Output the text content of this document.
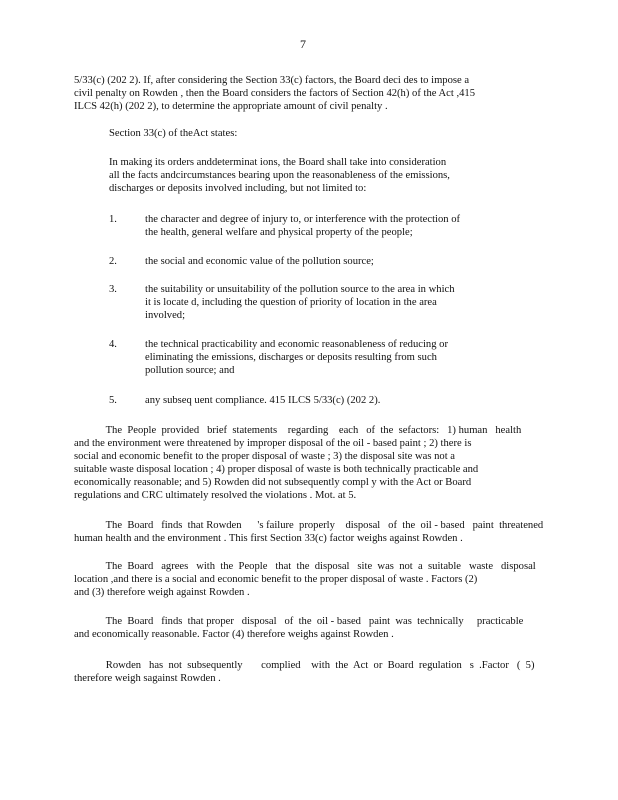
7
5/33(c) (202 2). If, after considering the Section 33(c) factors, the Board deci des to impose a
civil penalty on Rowden , then the Board considers the factors of Section 42(h) of the Act ,415
ILCS 42(h) (202 2), to determine the appropriate amount of civil penalty .
Section 33(c) of theAct states:
In making its orders anddeterminat ions, the Board shall take into consideration
all the facts andcircumstances bearing upon the reasonableness of the emissions,
discharges or deposits involved including, but not limited to:
1.	the character and degree of injury to, or interference with the protection of
the health, general welfare and physical property of the people;
2.	the social and economic value of the pollution source;
3.	the suitability or unsuitability of the pollution source to the area in which
it is locate d, including the question of priority of location in the area
involved;
4.	the technical practicability and economic reasonableness of reducing or
eliminating the emissions, discharges or deposits resulting from such
pollution source; and
5.	any subseq uent compliance. 415 ILCS 5/33(c) (202 2).
The  People  provided   brief  statements    regarding    each   of  the  sefactors:   1) human   health
and the environment were threatened by improper disposal of the oil - based paint ; 2) there is
social and economic benefit to the proper disposal of waste ; 3) the disposal site was not a
suitable waste disposal location ; 4) proper disposal of waste is both technically practicable and
economically reasonable; and 5) Rowden did not subsequently compl y with the Act or Board
regulations and CRC ultimately resolved the violations . Mot. at 5.
The  Board   finds  that Rowden      's failure  properly    disposal   of  the  oil - based   paint  threatened
human health and the environment . This first Section 33(c) factor weighs against Rowden .
The  Board   agrees   with  the  People   that  the  disposal   site  was  not  a  suitable   waste   disposal
location ,and there is a social and economic benefit to the proper disposal of waste . Factors (2)
and (3) therefore weigh against Rowden .
The  Board   finds  that proper   disposal   of  the  oil - based   paint  was  technically     practicable
and economically reasonable. Factor (4) therefore weighs against Rowden .
Rowden   has  not  subsequently       complied    with  the  Act  or  Board  regulation   s  .Factor   (  5)
therefore weigh sagainst Rowden .
